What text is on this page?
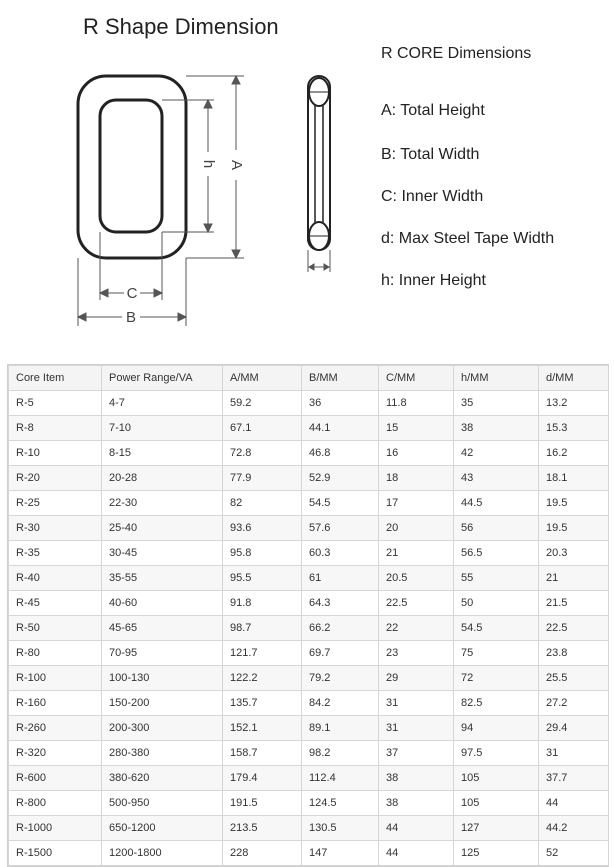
R Shape Dimension
A
h
C
B
R CORE Dimensions
A: Total Height
B: Total Width
C: Inner Width
d: Max Steel Tape Width
h: Inner Height
Core Item	Power Range/VA	A/MM	B/MM	C/MM	h/MM	d/MM
R-5	4-7	59.2	36	11.8	35	13.2
R-8	7-10	67.1	44.1	15	38	15.3
R-10	8-15	72.8	46.8	16	42	16.2
R-20	20-28	77.9	52.9	18	43	18.1
R-25	22-30	82	54.5	17	44.5	19.5
R-30	25-40	93.6	57.6	20	56	19.5
R-35	30-45	95.8	60.3	21	56.5	20.3
R-40	35-55	95.5	61	20.5	55	21
R-45	40-60	91.8	64.3	22.5	50	21.5
R-50	45-65	98.7	66.2	22	54.5	22.5
R-80	70-95	121.7	69.7	23	75	23.8
R-100	100-130	122.2	79.2	29	72	25.5
R-160	150-200	135.7	84.2	31	82.5	27.2
R-260	200-300	152.1	89.1	31	94	29.4
R-320	280-380	158.7	98.2	37	97.5	31
R-600	380-620	179.4	112.4	38	105	37.7
R-800	500-950	191.5	124.5	38	105	44
R-1000	650-1200	213.5	130.5	44	127	44.2
R-1500	1200-1800	228	147	44	125	52
